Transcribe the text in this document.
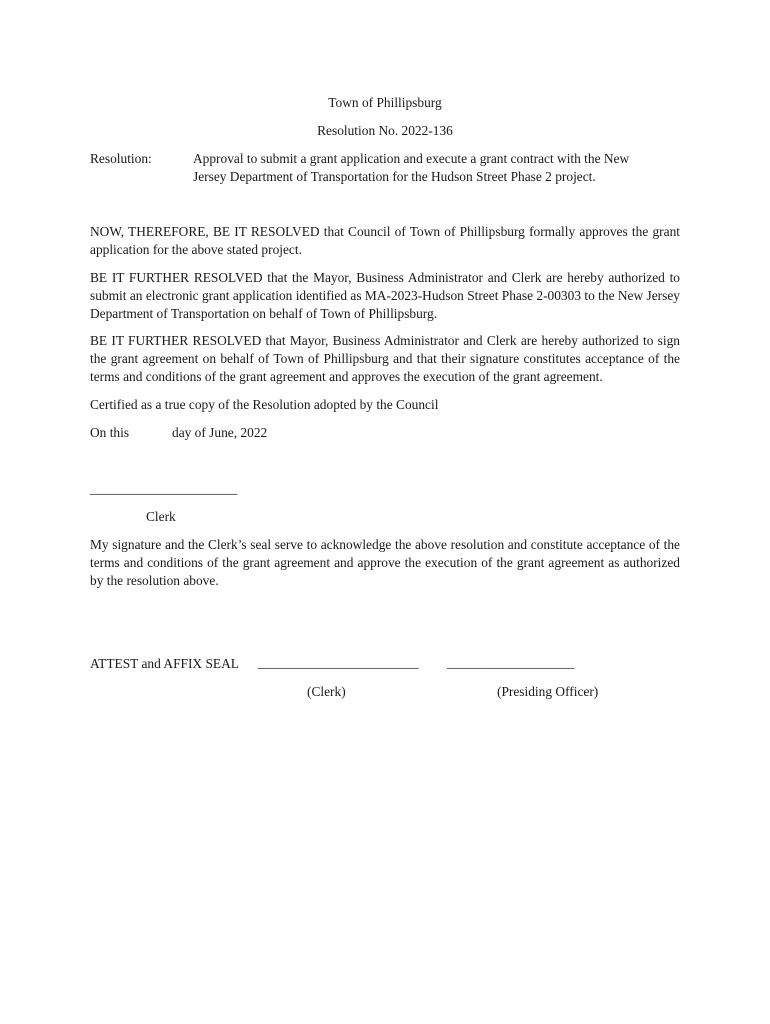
Town of Phillipsburg
Resolution No. 2022-136
Resolution:	Approval to submit a grant application and execute a grant contract with the New Jersey Department of Transportation for the Hudson Street Phase 2 project.
NOW, THEREFORE, BE IT RESOLVED that Council of Town of Phillipsburg formally approves the grant application for the above stated project.
BE IT FURTHER RESOLVED that the Mayor, Business Administrator and Clerk are hereby authorized to submit an electronic grant application identified as MA-2023-Hudson Street Phase 2-00303 to the New Jersey Department of Transportation on behalf of Town of Phillipsburg.
BE IT FURTHER RESOLVED that Mayor, Business Administrator and Clerk are hereby authorized to sign the grant agreement on behalf of Town of Phillipsburg and that their signature constitutes acceptance of the terms and conditions of the grant agreement and approves the execution of the grant agreement.
Certified as a true copy of the Resolution adopted by the Council
On this	day of June, 2022
______________________
Clerk
My signature and the Clerk’s seal serve to acknowledge the above resolution and constitute acceptance of the terms and conditions of the grant agreement and approve the execution of the grant agreement as authorized by the resolution above.
ATTEST and AFFIX SEAL ________________________ ___________________
(Clerk)	(Presiding Officer)
